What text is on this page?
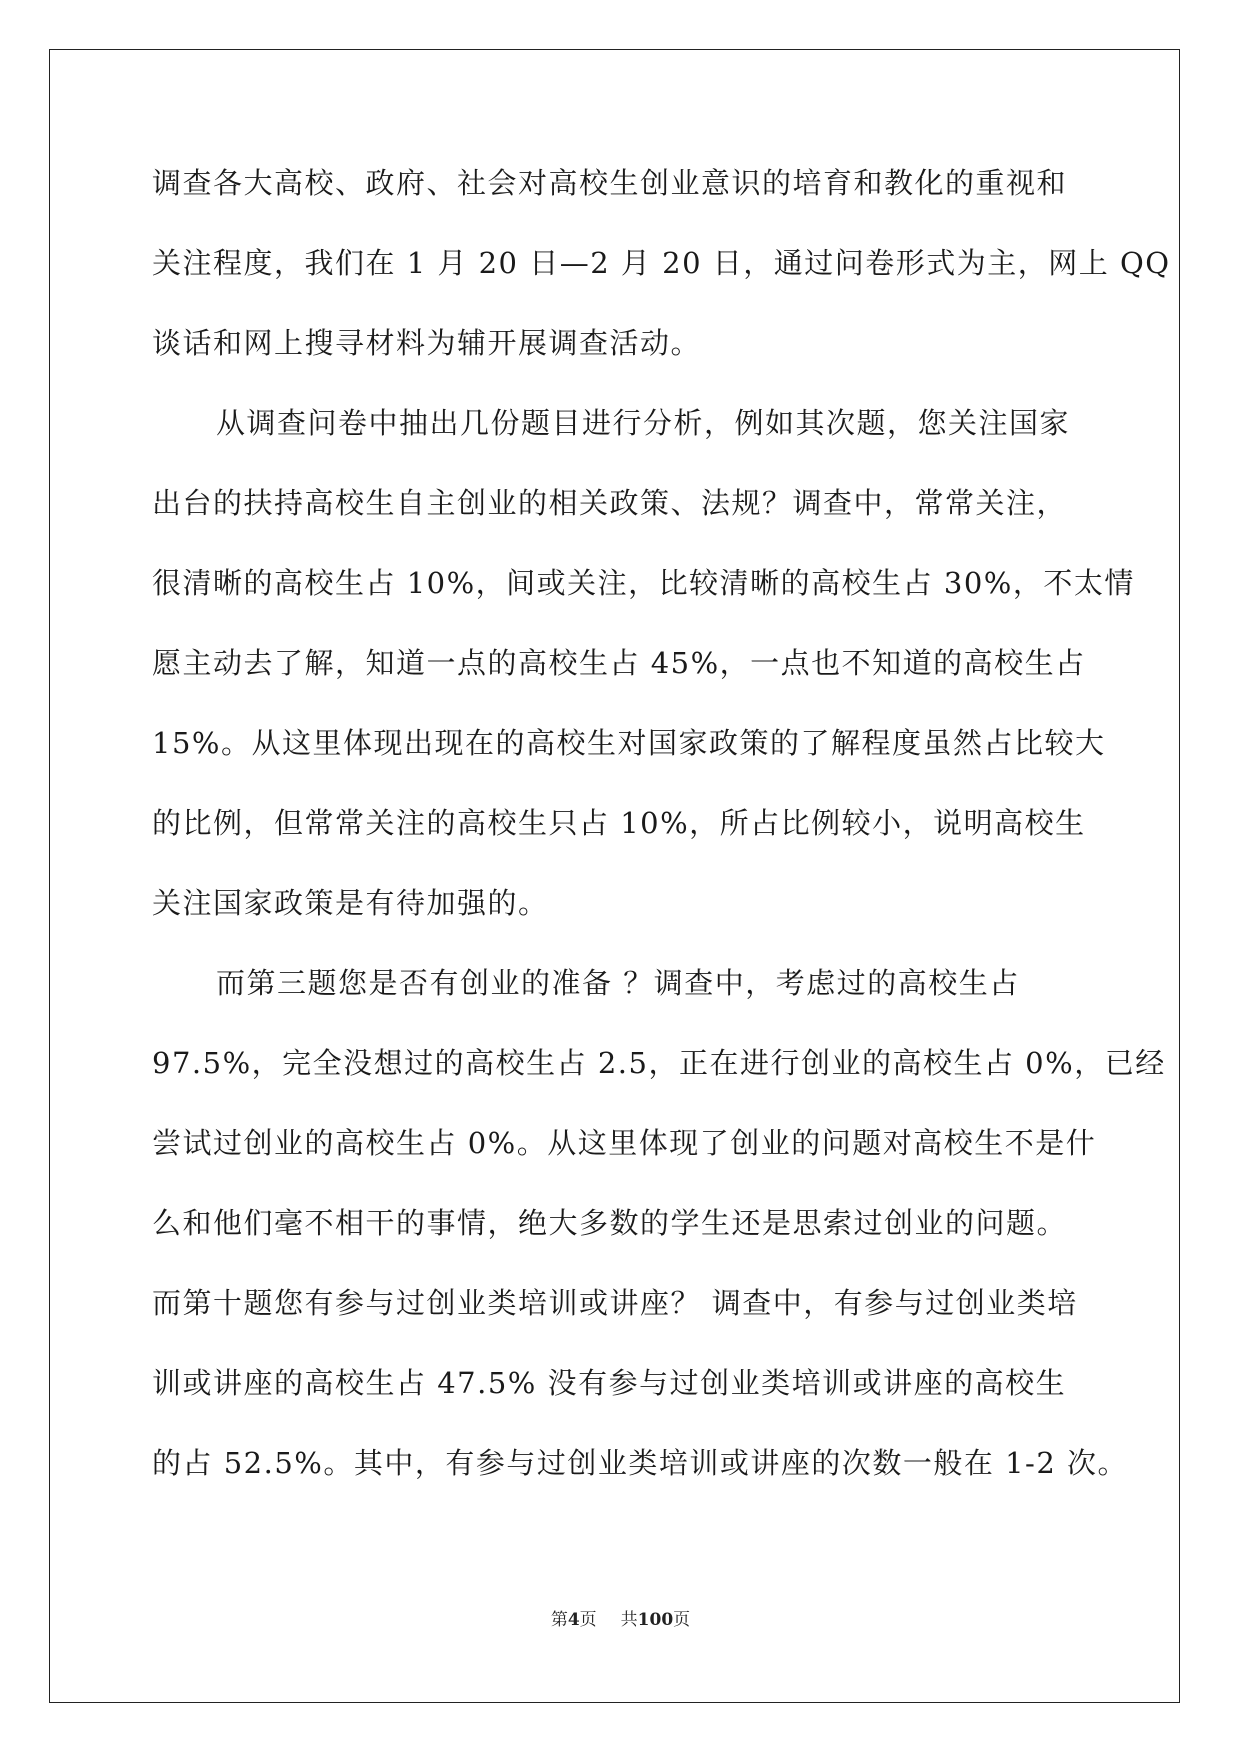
调查各大高校、政府、社会对高校生创业意识的培育和教化的重视和
关注程度，我们在 1 月 20 日—2 月 20 日，通过问卷形式为主，网上 QQ
谈话和网上搜寻材料为辅开展调查活动。
从调查问卷中抽出几份题目进行分析，例如其次题，您关注国家
出台的扶持高校生自主创业的相关政策、法规？调查中，常常关注，
很清晰的高校生占 10%，间或关注，比较清晰的高校生占 30%，不太情
愿主动去了解，知道一点的高校生占 45%，一点也不知道的高校生占
15%。从这里体现出现在的高校生对国家政策的了解程度虽然占比较大
的比例，但常常关注的高校生只占 10%，所占比例较小，说明高校生
关注国家政策是有待加强的。
而第三题您是否有创业的准备 ？调查中，考虑过的高校生占
97.5%，完全没想过的高校生占 2.5，正在进行创业的高校生占 0%，已经
尝试过创业的高校生占 0%。从这里体现了创业的问题对高校生不是什
么和他们毫不相干的事情，绝大多数的学生还是思索过创业的问题。
而第十题您有参与过创业类培训或讲座？ 调查中，有参与过创业类培
训或讲座的高校生占 47.5% 没有参与过创业类培训或讲座的高校生
的占 52.5%。其中，有参与过创业类培训或讲座的次数一般在 1-2 次。
第4页 共100页
